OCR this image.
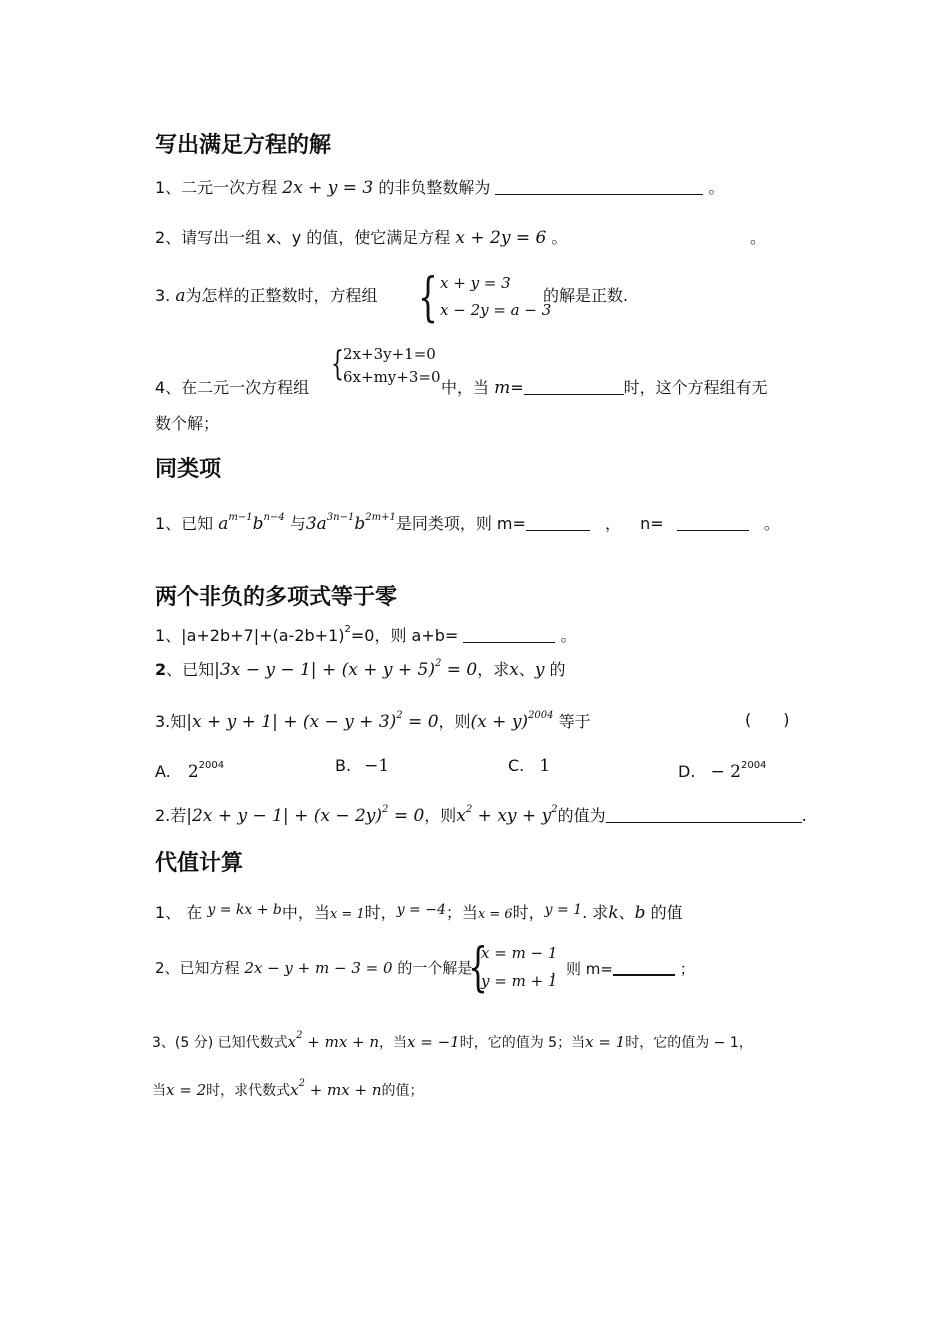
写出满足方程的解
1、二元一次方程 2x + y = 3 的非负整数解为	。
2、请写出一组 x、y 的值，使它满足方程 x + 2y = 6 。	。
3. a为怎样的正整数时，方程组 { x + y = 3
x − 2y = a − 3
的解是正数.
{ 2x+3y+1=0
6x+my+3=0
4、在二元一次方程组	中，当 m=	时，这个方程组有无
数个解；
同类项
1、已知 $a^{m-1}b^{n-4}$ 与$3a^{3n-1}b^{2m+1}$是同类项，则 m=	， n=	。
两个非负的多项式等于零
1、$|a+2b+7|+(a-2b+1)^2=0$，则 a+b=	。
2、已知$|3x - y - 1| + (x + y + 5)^2 = 0$，求x、y 的
3.知$|x + y + 1| + (x - y + 3)^2 = 0$，则$(x + y)^{2004}$ 等于	(　　)
A. $2^{2004}$	B. −1	C. 1	D. − $2^{2004}$
2.若$|2x + y - 1| + (x - 2y)^2 = 0$，则$x^2$ + xy + $y^2$的值为	.
代值计算
1、 在 y = kx + b中，当x = 1时，y = −4；当x = 6时，y = 1. 求k、b 的值
2、已知方程 2x − y + m − 3 = 0 的一个解是
{
x = m − 1
y = m + 1
，则 m=	；
3、(5 分) 已知代数式$x^2$ + mx + n，当x = −1时，它的值为 5；当x = 1时，它的值为 − 1，
当x = 2时，求代数式$x^2$ + mx + n的值；
